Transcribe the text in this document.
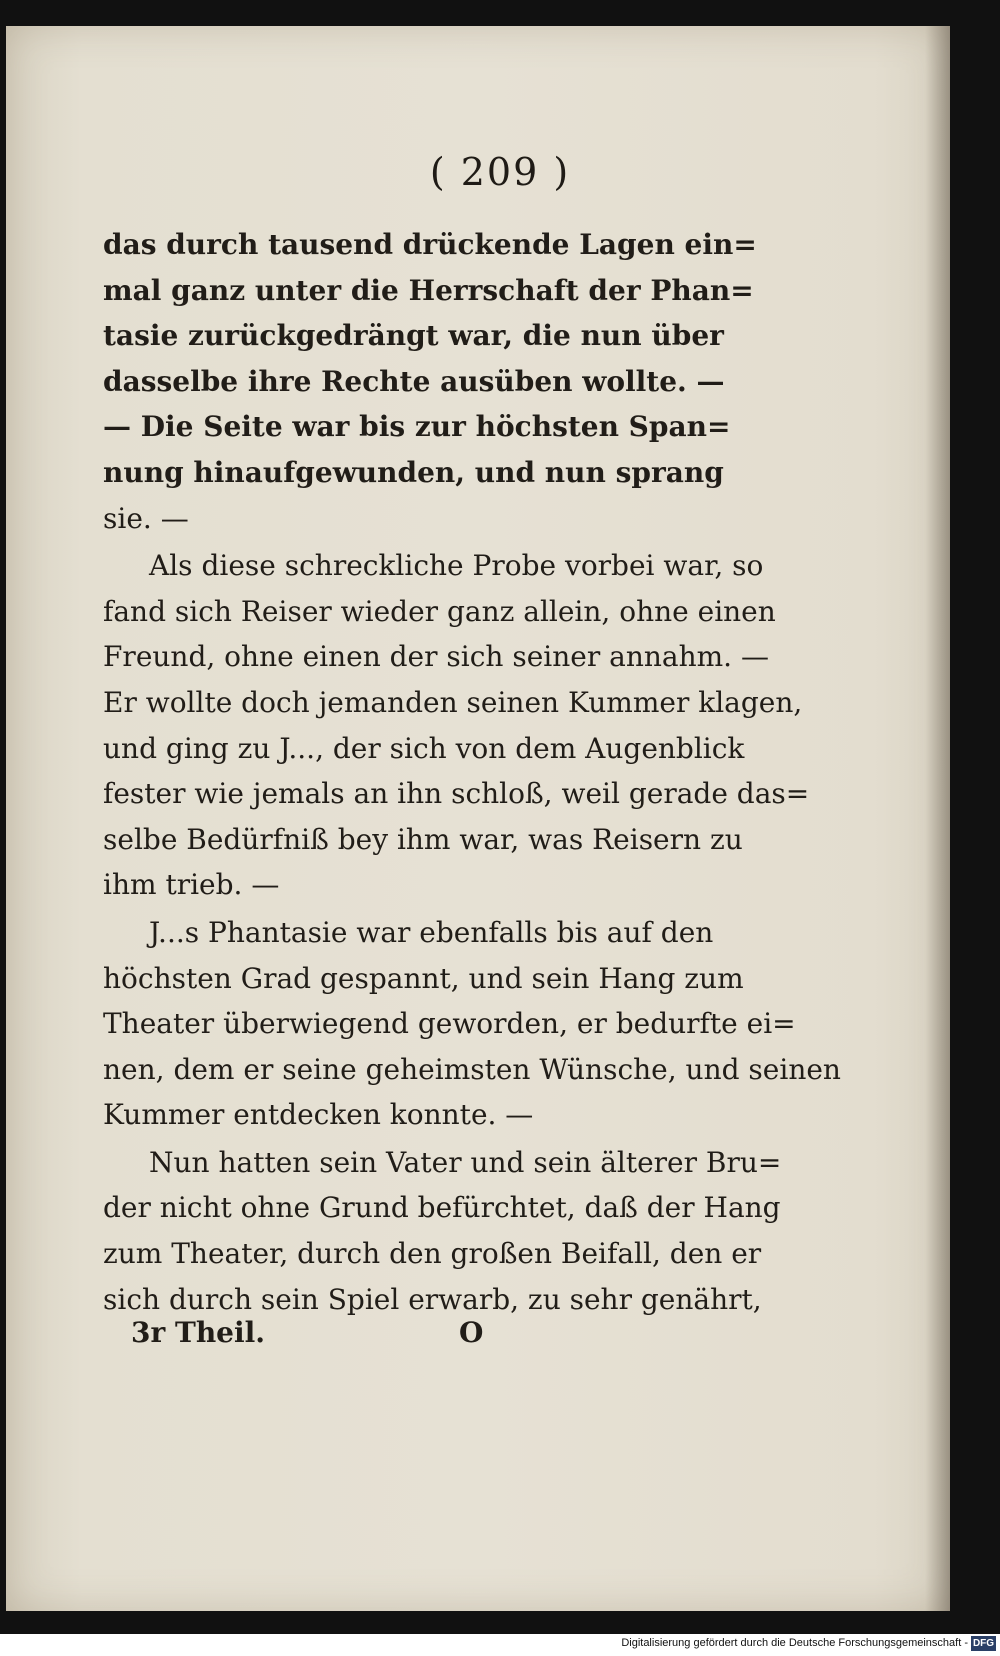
( 209 )
das durch tausend drückende Lagen ein=
mal ganz unter die Herrschaft der Phan=
tasie zurückgedrängt war, die nun über
dasselbe ihre Rechte ausüben wollte. —
— Die Seite war bis zur höchsten Span=
nung hinaufgewunden, und nun sprang
sie. —
Als diese schreckliche Probe vorbei war, so
fand sich Reiser wieder ganz allein, ohne einen
Freund, ohne einen der sich seiner annahm. —
Er wollte doch jemanden seinen Kummer klagen,
und ging zu J..., der sich von dem Augenblick
fester wie jemals an ihn schloß, weil gerade das=
selbe Bedürfniß bey ihm war, was Reisern zu
ihm trieb. —
J...s Phantasie war ebenfalls bis auf den
höchsten Grad gespannt, und sein Hang zum
Theater überwiegend geworden, er bedurfte ei=
nen, dem er seine geheimsten Wünsche, und seinen
Kummer entdecken konnte. —
Nun hatten sein Vater und sein älterer Bru=
der nicht ohne Grund befürchtet, daß der Hang
zum Theater, durch den großen Beifall, den er
sich durch sein Spiel erwarb, zu sehr genährt,
3r Theil.	O
Digitalisierung gefördert durch die Deutsche Forschungsgemeinschaft - DFG
